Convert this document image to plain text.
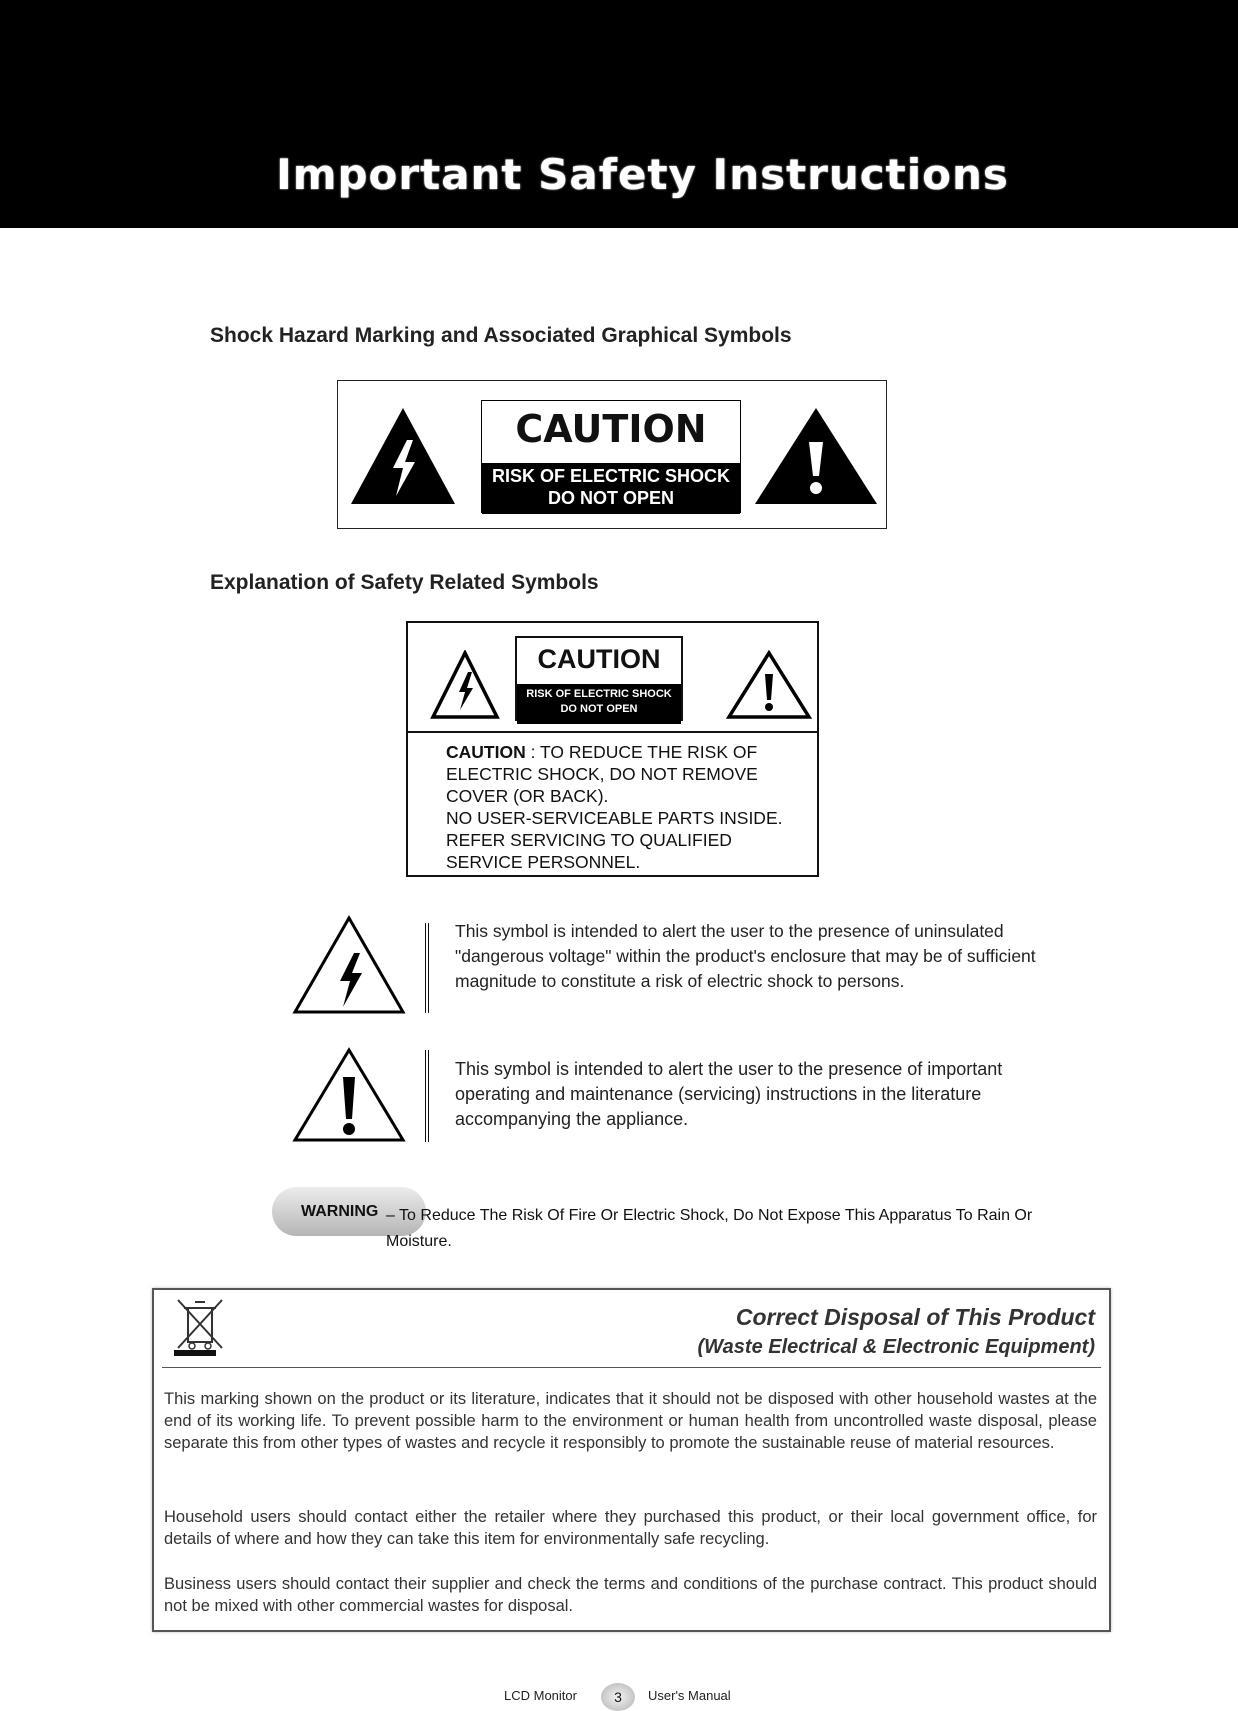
Important Safety Instructions
Shock Hazard Marking and Associated Graphical Symbols
CAUTION
RISK OF ELECTRIC SHOCK
DO NOT OPEN
Explanation of Safety Related Symbols
CAUTION
RISK OF ELECTRIC SHOCK
DO NOT OPEN
CAUTION : TO REDUCE THE RISK OF ELECTRIC SHOCK, DO NOT REMOVE COVER (OR BACK).
NO USER-SERVICEABLE PARTS INSIDE. REFER SERVICING TO QUALIFIED SERVICE PERSONNEL.
This symbol is intended to alert the user to the presence of uninsulated "dangerous voltage" within the product's enclosure that may be of sufficient magnitude to constitute a risk of electric shock to persons.
This symbol is intended to alert the user to the presence of important operating and maintenance (servicing) instructions in the literature accompanying the appliance.
WARNING – To Reduce The Risk Of Fire Or Electric Shock, Do Not Expose This Apparatus To Rain Or Moisture.
Correct Disposal of This Product
(Waste Electrical & Electronic Equipment)
This marking shown on the product or its literature, indicates that it should not be disposed with other household wastes at the end of its working life. To prevent possible harm to the environment or human health from uncontrolled waste disposal, please separate this from other types of wastes and recycle it responsibly to promote the sustainable reuse of material resources.
Household users should contact either the retailer where they purchased this product, or their local government office, for details of where and how they can take this item for environmentally safe recycling.
Business users should contact their supplier and check the terms and conditions of the purchase contract. This product should not be mixed with other commercial wastes for disposal.
LCD Monitor	3	User's Manual
